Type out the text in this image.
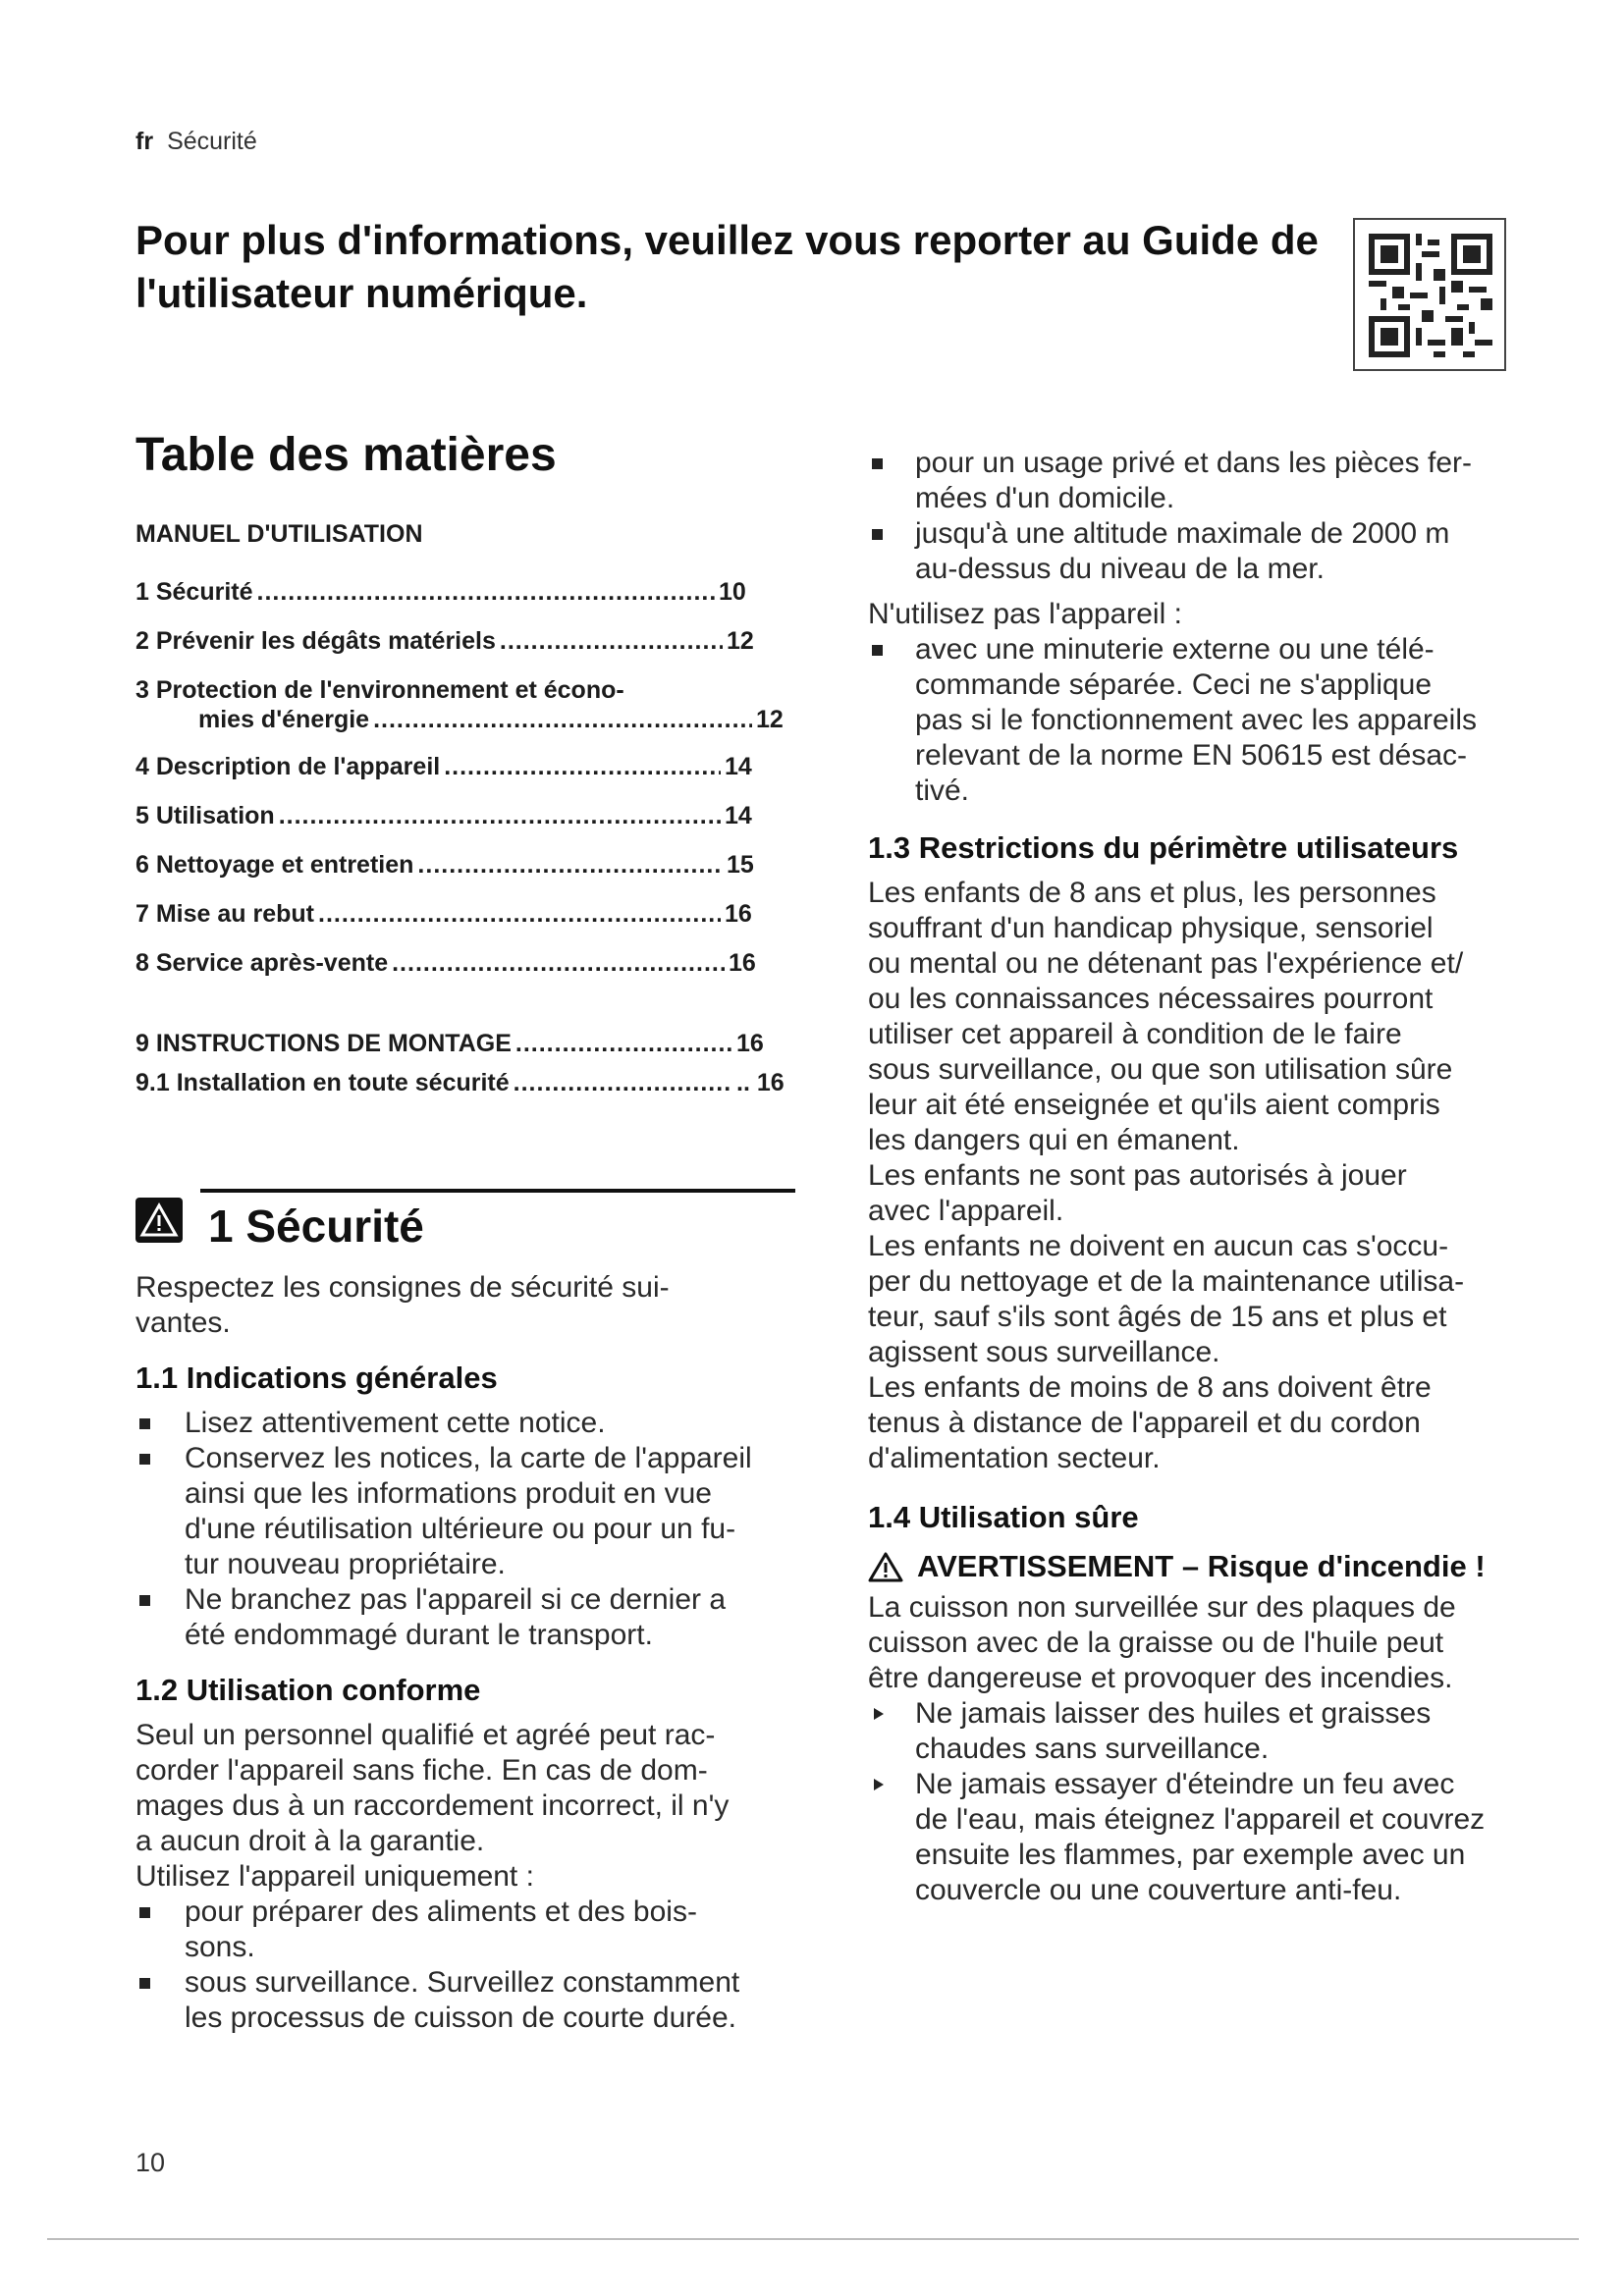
fr Sécurité
Pour plus d'informations, veuillez vous reporter au Guide de l'utilisateur numérique.
Table des matières
MANUEL D'UTILISATION
1 Sécurité .....	10
2 Prévenir les dégâts matériels .....	12
3 Protection de l'environnement et écono-
mies d'énergie .....	12
4 Description de l'appareil .....	14
5 Utilisation .....	14
6 Nettoyage et entretien .....	15
7 Mise au rebut .....	16
8 Service après-vente .....	16
9 INSTRUCTIONS DE MONTAGE .....	16
9.1 Installation en toute sécurité .....	.. 16
1 Sécurité
Respectez les consignes de sécurité sui-
vantes.
1.1 Indications générales
Lisez attentivement cette notice.
Conservez les notices, la carte de l'appareil
ainsi que les informations produit en vue
d'une réutilisation ultérieure ou pour un fu-
tur nouveau propriétaire.
Ne branchez pas l'appareil si ce dernier a
été endommagé durant le transport.
1.2 Utilisation conforme
Seul un personnel qualifié et agréé peut rac-
corder l'appareil sans fiche. En cas de dom-
mages dus à un raccordement incorrect, il n'y
a aucun droit à la garantie.
Utilisez l'appareil uniquement :
pour préparer des aliments et des bois-
sons.
sous surveillance. Surveillez constamment
les processus de cuisson de courte durée.
pour un usage privé et dans les pièces fer-
mées d'un domicile.
jusqu'à une altitude maximale de 2000 m
au-dessus du niveau de la mer.
N'utilisez pas l'appareil :
avec une minuterie externe ou une télé-
commande séparée. Ceci ne s'applique
pas si le fonctionnement avec les appareils
relevant de la norme EN 50615 est désac-
tivé.
1.3 Restrictions du périmètre utilisateurs
Les enfants de 8 ans et plus, les personnes
souffrant d'un handicap physique, sensoriel
ou mental ou ne détenant pas l'expérience et/
ou les connaissances nécessaires pourront
utiliser cet appareil à condition de le faire
sous surveillance, ou que son utilisation sûre
leur ait été enseignée et qu'ils aient compris
les dangers qui en émanent.
Les enfants ne sont pas autorisés à jouer
avec l'appareil.
Les enfants ne doivent en aucun cas s'occu-
per du nettoyage et de la maintenance utilisa-
teur, sauf s'ils sont âgés de 15 ans et plus et
agissent sous surveillance.
Les enfants de moins de 8 ans doivent être
tenus à distance de l'appareil et du cordon
d'alimentation secteur.
1.4 Utilisation sûre
AVERTISSEMENT – Risque d'incendie !
La cuisson non surveillée sur des plaques de
cuisson avec de la graisse ou de l'huile peut
être dangereuse et provoquer des incendies.
Ne jamais laisser des huiles et graisses
chaudes sans surveillance.
Ne jamais essayer d'éteindre un feu avec
de l'eau, mais éteignez l'appareil et couvrez
ensuite les flammes, par exemple avec un
couvercle ou une couverture anti-feu.
10
